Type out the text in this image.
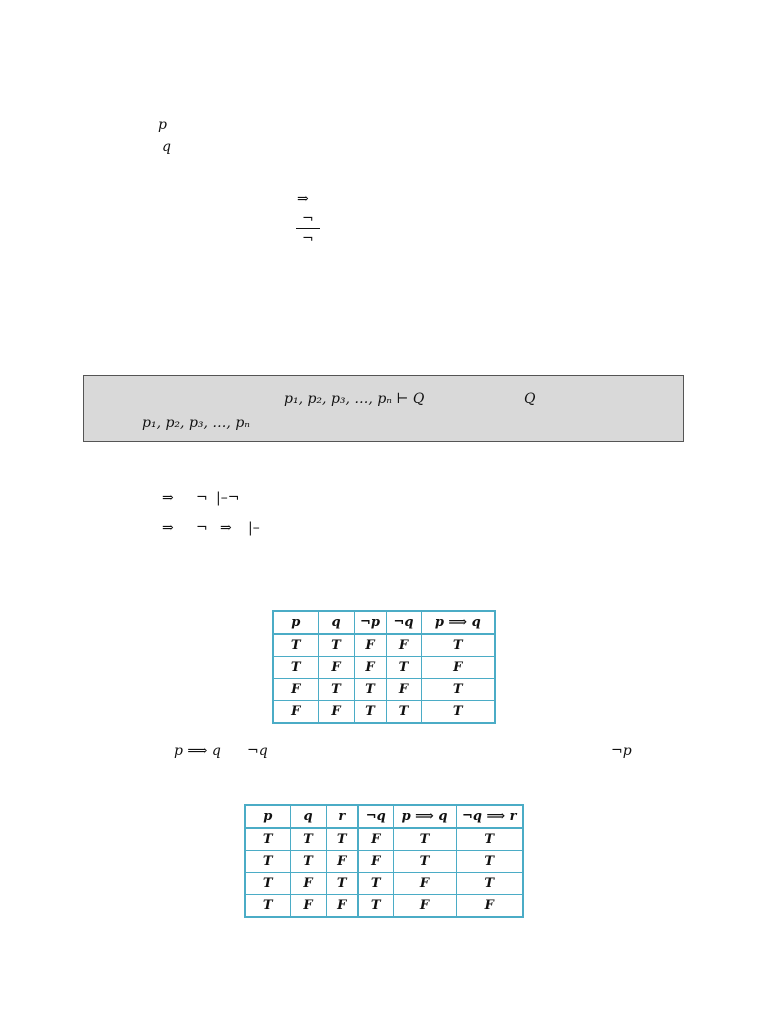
p
q
⇒
¬
¬
p₁, p₂, p₃, …, pₙ ⊢ Q	Q
p₁, p₂, p₃, …, pₙ
⇒ ¬ |–¬
⇒ ¬ ⇒ |–
p	q	¬p	¬q	p ⟹ q
T	T	F	F	T
T	F	F	T	F
F	T	T	F	T
F	F	T	T	T
p ⟹ q ¬q	¬p
p	q	r	¬q	p ⟹ q	¬q ⟹ r
T	T	T	F	T	T
T	T	F	F	T	T
T	F	T	T	F	T
T	F	F	T	F	F
